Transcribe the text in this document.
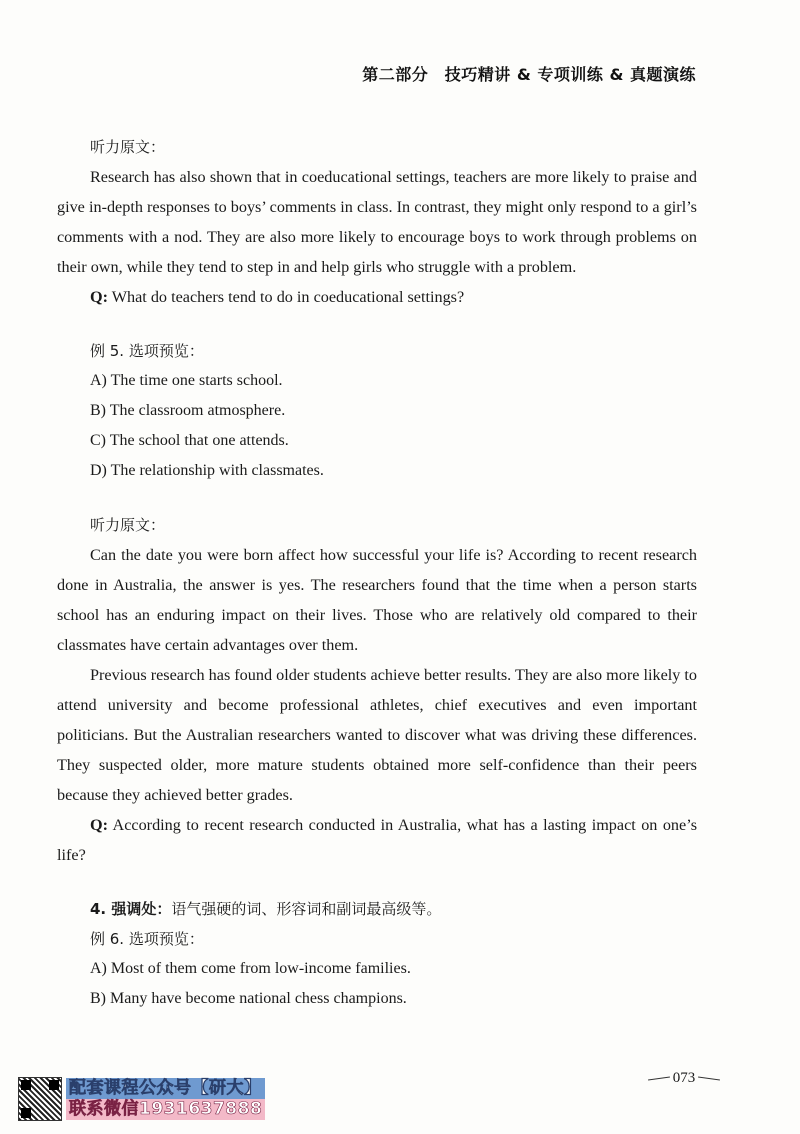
第二部分　技巧精讲 & 专项训练 & 真题演练
听力原文：

Research has also shown that in coeducational settings, teachers are more likely to praise and give in-depth responses to boys’ comments in class. In contrast, they might only respond to a girl’s comments with a nod. They are also more likely to encourage boys to work through problems on their own, while they tend to step in and help girls who struggle with a problem.

Q: What do teachers tend to do in coeducational settings?

例 5. 选项预览：
A) The time one starts school.
B) The classroom atmosphere.
C) The school that one attends.
D) The relationship with classmates.
听力原文：

Can the date you were born affect how successful your life is? According to recent research done in Australia, the answer is yes. The researchers found that the time when a person starts school has an enduring impact on their lives. Those who are relatively old compared to their classmates have certain advantages over them.

Previous research has found older students achieve better results. They are also more likely to attend university and become professional athletes, chief executives and even important politicians. But the Australian researchers wanted to discover what was driving these differences. They suspected older, more mature students obtained more self-confidence than their peers because they achieved better grades.

Q: According to recent research conducted in Australia, what has a lasting impact on one’s life?

4. 强调处：语气强硬的词、形容词和副词最高级等。
例 6. 选项预览：
A) Most of them come from low-income families.
B) Many have become national chess champions.
073
配套课程公众号【研大】
联系微信1931637888
